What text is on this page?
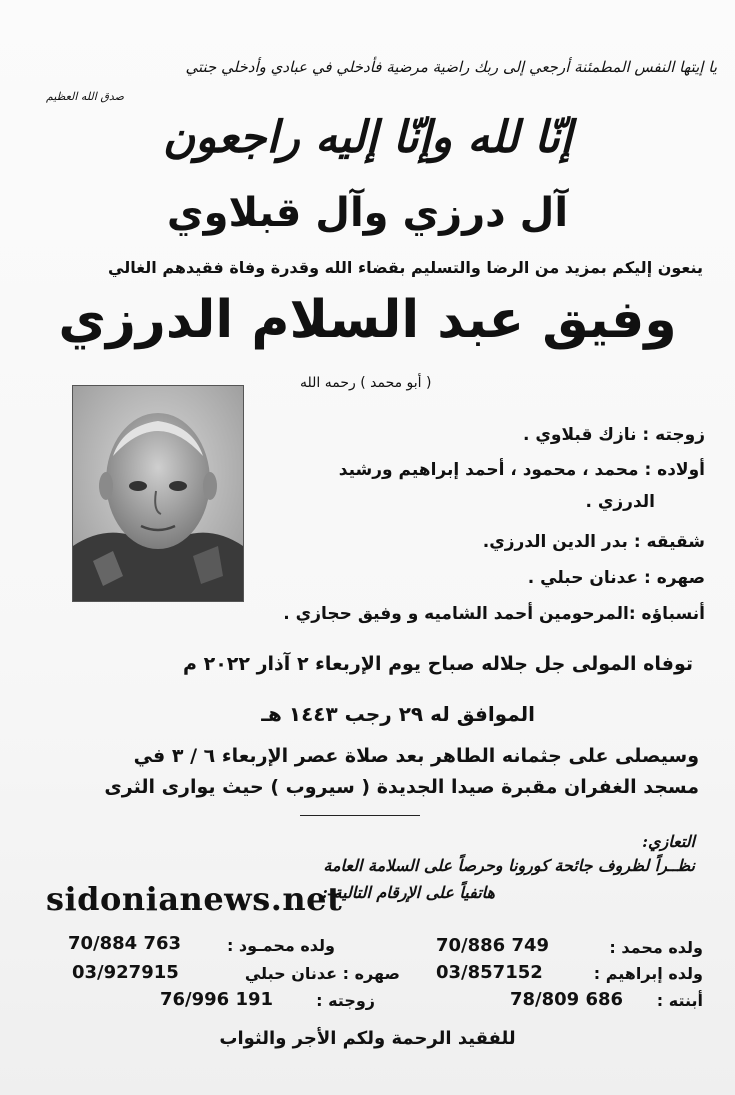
يا إيتها النفس المطمئنة أرجعي إلى ربك راضية مرضية فأدخلي في عبادي وأدخلي جنتي
صدق الله العظيم
إنّا لله وإنّا إليه راجعون
آل درزي وآل قبلاوي
ينعون إليكم بمزيد من الرضا والتسليم بقضاء الله وقدرة وفاة فقيدهم الغالي
وفيق عبد السلام الدرزي
( أبو محمد ) رحمه الله
زوجته : نازك قبلاوي .
أولاده : محمد ، محمود ، أحمد إبراهيم ورشيد
الدرزي .
شقيقه : بدر الدين الدرزي.
صهره : عدنان حبلي .
أنسباؤه :المرحومين أحمد الشاميه و وفيق حجازي .
توفاه المولى جل جلاله صباح يوم الإربعاء ٢ آذار ٢٠٢٢ م
الموافق له ٢٩ رجب ١٤٤٣ هـ
وسيصلى على جثمانه الطاهر بعد صلاة عصر الإربعاء ٦ / ٣ في
مسجد الغفران مقبرة صيدا الجديدة ( سيروب ) حيث يوارى الثرى
التعازي:
نظــراً لظروف جائحة كورونا وحرصاً على السلامة العامة
هاتفياً على الإرقام التالية :
sidonianews.net
ولده محمد :
70/886 749
ولده إبراهيم :
03/857152
أبنته :
78/809 686
ولده محمـود :
70/884 763
صهره : عدنان حبلي
03/927915
زوجته :
76/996 191
للفقيد الرحمة ولكم الأجر والثواب
